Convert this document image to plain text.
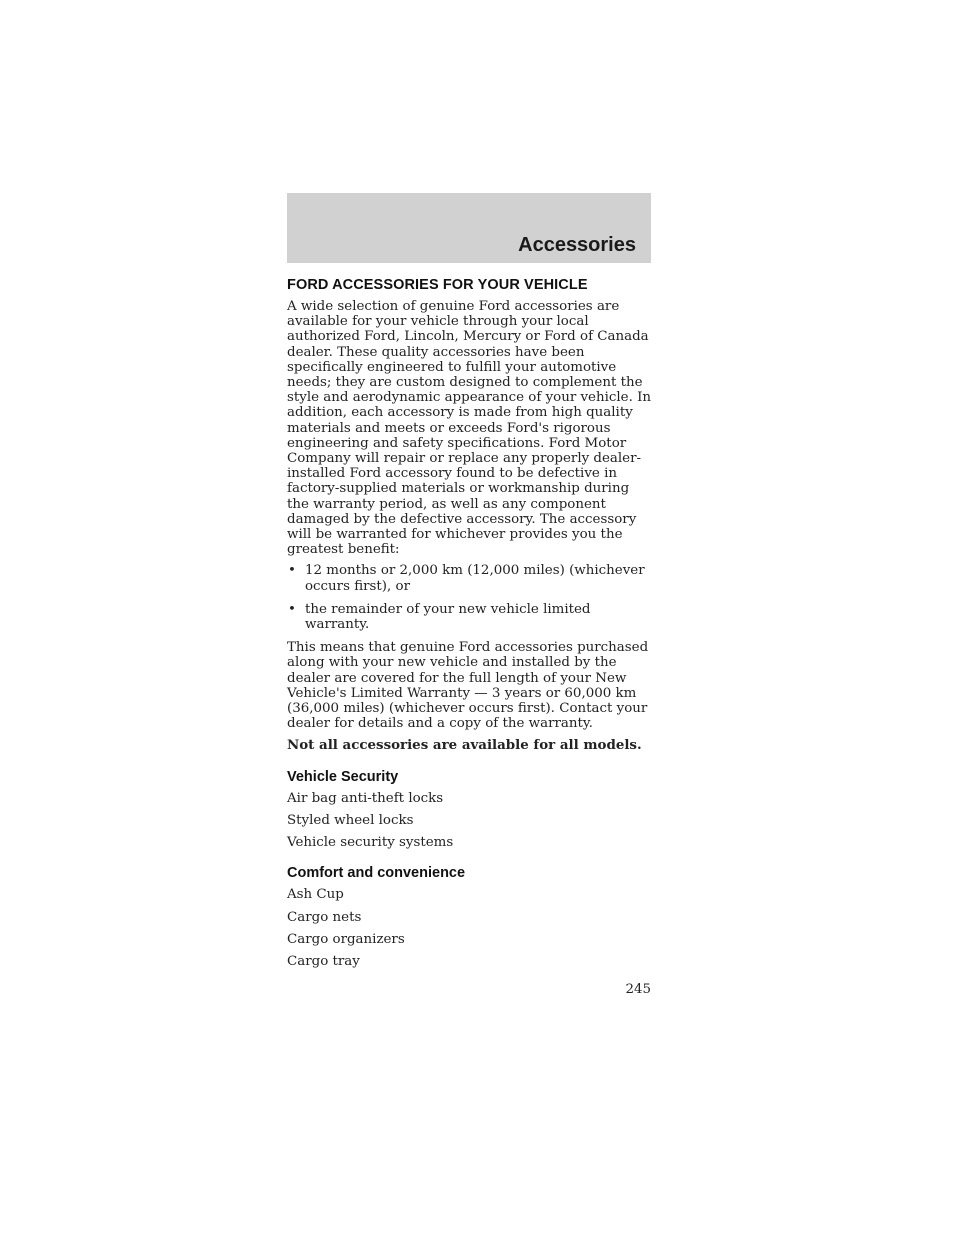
Accessories
FORD ACCESSORIES FOR YOUR VEHICLE

A wide selection of genuine Ford accessories are available for your vehicle through your local authorized Ford, Lincoln, Mercury or Ford of Canada dealer. These quality accessories have been specifically engineered to fulfill your automotive needs; they are custom designed to complement the style and aerodynamic appearance of your vehicle. In addition, each accessory is made from high quality materials and meets or exceeds Ford's rigorous engineering and safety specifications. Ford Motor Company will repair or replace any properly dealer-installed Ford accessory found to be defective in factory-supplied materials or workmanship during the warranty period, as well as any component damaged by the defective accessory. The accessory will be warranted for whichever provides you the greatest benefit:

• 12 months or 2,000 km (12,000 miles) (whichever occurs first), or
• the remainder of your new vehicle limited warranty.

This means that genuine Ford accessories purchased along with your new vehicle and installed by the dealer are covered for the full length of your New Vehicle's Limited Warranty — 3 years or 60,000 km (36,000 miles) (whichever occurs first). Contact your dealer for details and a copy of the warranty.

Not all accessories are available for all models.

Vehicle Security
Air bag anti-theft locks
Styled wheel locks
Vehicle security systems
Comfort and convenience
Ash Cup
Cargo nets
Cargo organizers
Cargo tray
245
